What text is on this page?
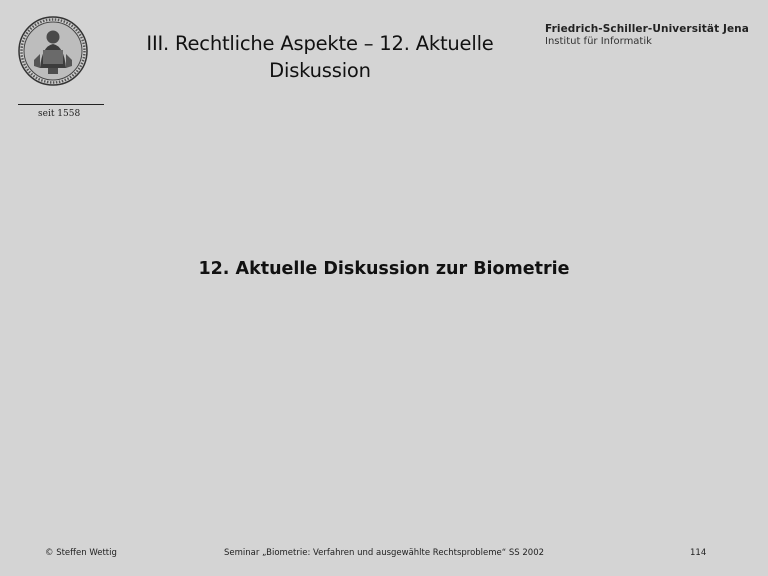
seit 1558
III. Rechtliche Aspekte – 12. Aktuelle
Diskussion
Friedrich-Schiller-Universität Jena
Institut für Informatik
12. Aktuelle Diskussion zur Biometrie
© Steffen Wettig	Seminar „Biometrie: Verfahren und ausgewählte Rechtsprobleme“ SS 2002	114
